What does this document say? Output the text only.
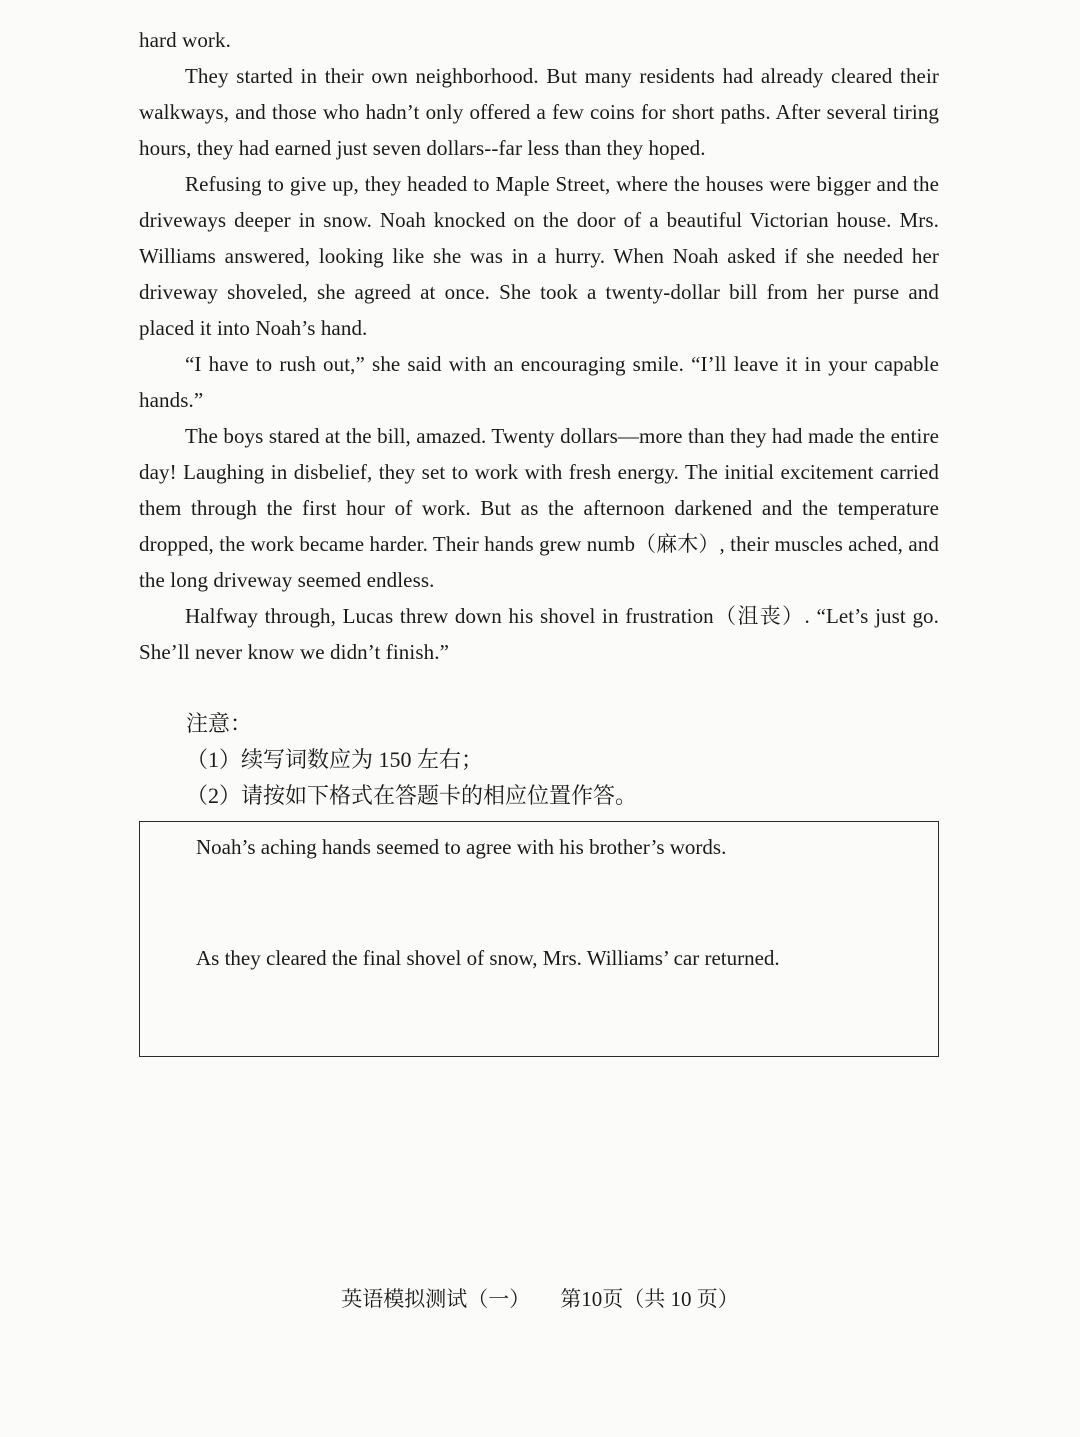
hard work.

They started in their own neighborhood. But many residents had already cleared their walkways, and those who hadn’t only offered a few coins for short paths. After several tiring hours, they had earned just seven dollars--far less than they hoped.

Refusing to give up, they headed to Maple Street, where the houses were bigger and the driveways deeper in snow. Noah knocked on the door of a beautiful Victorian house. Mrs. Williams answered, looking like she was in a hurry. When Noah asked if she needed her driveway shoveled, she agreed at once. She took a twenty-dollar bill from her purse and placed it into Noah’s hand.

“I have to rush out,” she said with an encouraging smile. “I’ll leave it in your capable hands.”

The boys stared at the bill, amazed. Twenty dollars—more than they had made the entire day! Laughing in disbelief, they set to work with fresh energy. The initial excitement carried them through the first hour of work. But as the afternoon darkened and the temperature dropped, the work became harder. Their hands grew numb（麻木）, their muscles ached, and the long driveway seemed endless.

Halfway through, Lucas threw down his shovel in frustration（沮丧）. “Let’s just go. She’ll never know we didn’t finish.”

注意：
（1）续写词数应为 150 左右；
（2）请按如下格式在答题卡的相应位置作答。
Noah’s aching hands seemed to agree with his brother’s words.
As they cleared the final shovel of snow, Mrs. Williams’ car returned.
英语模拟测试（一） 第10页（共 10 页）
